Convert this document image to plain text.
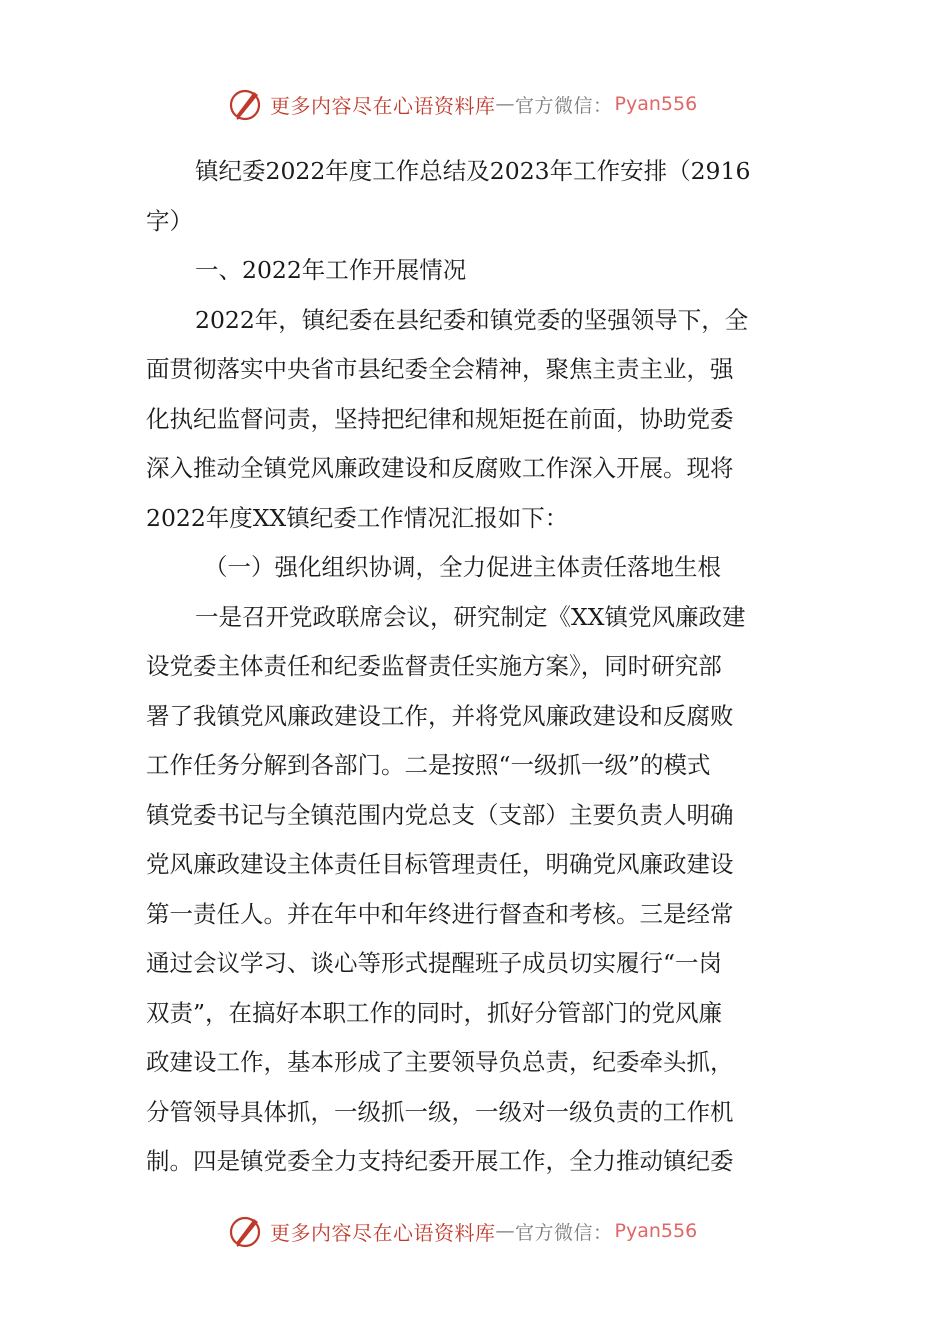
更多内容尽在心语资料库 — 官方微信： Pyan556
镇纪委2022年度工作总结及2023年工作安排（2916
字）
一、2022年工作开展情况
2022年，镇纪委在县纪委和镇党委的坚强领导下，全
面贯彻落实中央省市县纪委全会精神，聚焦主责主业，强
化执纪监督问责，坚持把纪律和规矩挺在前面，协助党委
深入推动全镇党风廉政建设和反腐败工作深入开展。现将
2022年度XX镇纪委工作情况汇报如下：
（一）强化组织协调，全力促进主体责任落地生根
一是召开党政联席会议，研究制定《XX镇党风廉政建
设党委主体责任和纪委监督责任实施方案》，同时研究部
署了我镇党风廉政建设工作，并将党风廉政建设和反腐败
工作任务分解到各部门。二是按照“一级抓一级”的模式
镇党委书记与全镇范围内党总支（支部）主要负责人明确
党风廉政建设主体责任目标管理责任，明确党风廉政建设
第一责任人。并在年中和年终进行督查和考核。三是经常
通过会议学习、谈心等形式提醒班子成员切实履行“一岗
双责”，在搞好本职工作的同时，抓好分管部门的党风廉
政建设工作，基本形成了主要领导负总责，纪委牵头抓，
分管领导具体抓，一级抓一级，一级对一级负责的工作机
制。四是镇党委全力支持纪委开展工作，全力推动镇纪委
更多内容尽在心语资料库 — 官方微信： Pyan556
